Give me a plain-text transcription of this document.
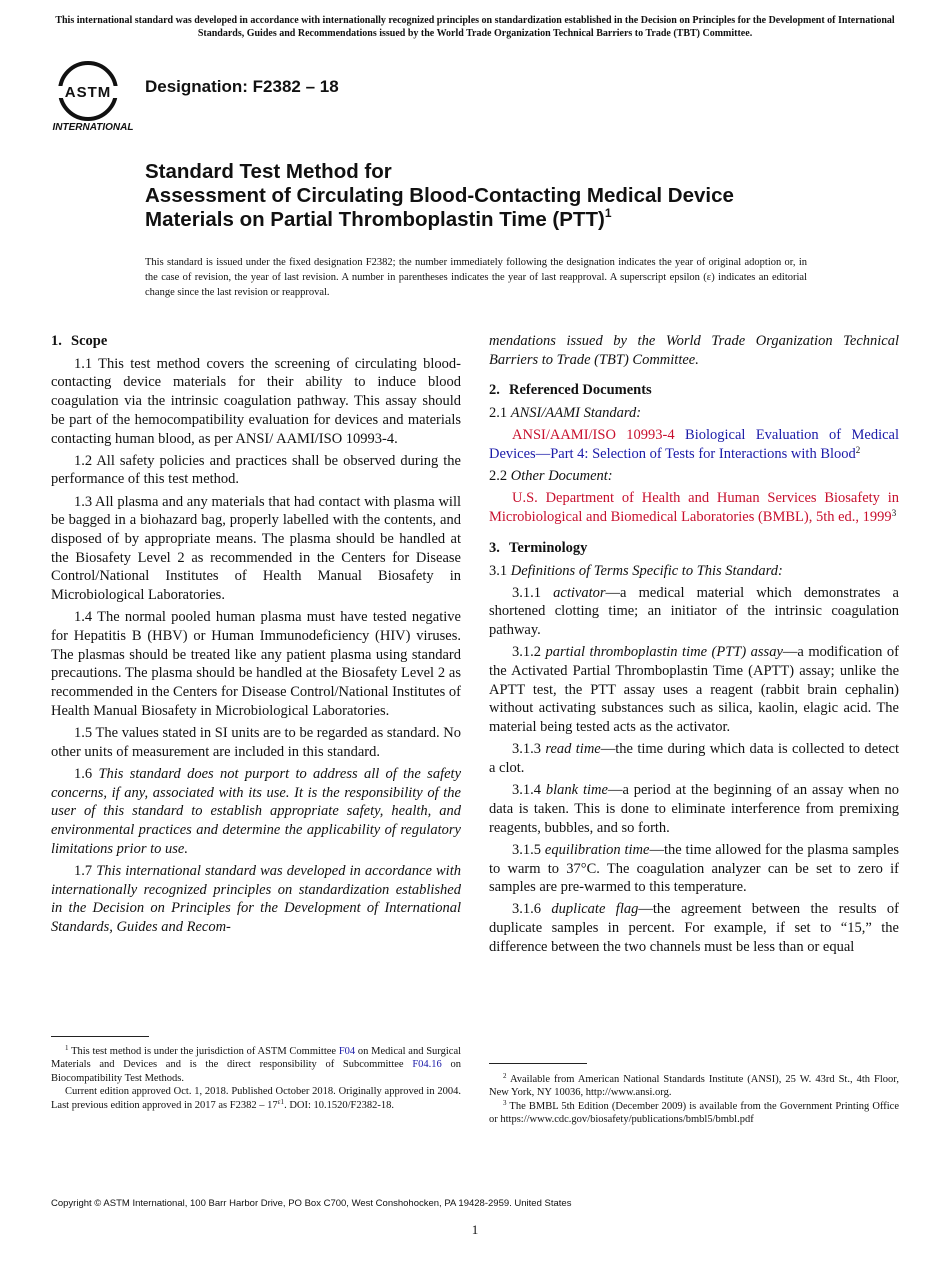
This international standard was developed in accordance with internationally recognized principles on standardization established in the Decision on Principles for the Development of International Standards, Guides and Recommendations issued by the World Trade Organization Technical Barriers to Trade (TBT) Committee.
ASTM
INTERNATIONAL
Designation: F2382 – 18
Standard Test Method for
Assessment of Circulating Blood-Contacting Medical Device
Materials on Partial Thromboplastin Time (PTT)$^1$
This standard is issued under the fixed designation F2382; the number immediately following the designation indicates the year of original adoption or, in the case of revision, the year of last revision. A number in parentheses indicates the year of last reapproval. A superscript epsilon (ε) indicates an editorial change since the last revision or reapproval.
1. Scope

1.1 This test method covers the screening of circulating blood-contacting device materials for their ability to induce blood coagulation via the intrinsic coagulation pathway. This assay should be part of the hemocompatibility evaluation for devices and materials contacting human blood, as per ANSI/ AAMI/ISO 10993-4.

1.2 All safety policies and practices shall be observed during the performance of this test method.

1.3 All plasma and any materials that had contact with plasma will be bagged in a biohazard bag, properly labelled with the contents, and disposed of by appropriate means. The plasma should be handled at the Biosafety Level 2 as recommended in the Centers for Disease Control/National Institutes of Health Manual Biosafety in Microbiological Laboratories.

1.4 The normal pooled human plasma must have tested negative for Hepatitis B (HBV) or Human Immunodeficiency (HIV) viruses. The plasmas should be treated like any patient plasma using standard precautions. The plasma should be handled at the Biosafety Level 2 as recommended in the Centers for Disease Control/National Institutes of Health Manual Biosafety in Microbiological Laboratories.

1.5 The values stated in SI units are to be regarded as standard. No other units of measurement are included in this standard.

1.6 This standard does not purport to address all of the safety concerns, if any, associated with its use. It is the responsibility of the user of this standard to establish appropriate safety, health, and environmental practices and determine the applicability of regulatory limitations prior to use.

1.7 This international standard was developed in accordance with internationally recognized principles on standardization established in the Decision on Principles for the Development of International Standards, Guides and Recom-

$^1$ This test method is under the jurisdiction of ASTM Committee F04 on Medical and Surgical Materials and Devices and is the direct responsibility of Subcommittee F04.16 on Biocompatibility Test Methods.

Current edition approved Oct. 1, 2018. Published October 2018. Originally approved in 2004. Last previous edition approved in 2017 as $F2382 - 17^{\varepsilon 1}$. DOI: 10.1520/F2382-18.

mendations issued by the World Trade Organization Technical Barriers to Trade (TBT) Committee.

2. Referenced Documents

2.1 ANSI/AAMI Standard:

ANSI/AAMI/ISO 10993-4 Biological Evaluation of Medical Devices—Part 4: Selection of Tests for Interactions with Blood$^2$

2.2 Other Document:

U.S. Department of Health and Human Services Biosafety in Microbiological and Biomedical Laboratories (BMBL), 5th ed., 1999$^3$

3. Terminology

3.1 Definitions of Terms Specific to This Standard:

3.1.1 activator—a medical material which demonstrates a shortened clotting time; an initiator of the intrinsic coagulation pathway.

3.1.2 partial thromboplastin time (PTT) assay—a modification of the Activated Partial Thromboplastin Time (APTT) assay; unlike the APTT test, the PTT assay uses a reagent (rabbit brain cephalin) without activating substances such as silica, kaolin, elagic acid. The material being tested acts as the activator.

3.1.3 read time—the time during which data is collected to detect a clot.

3.1.4 blank time—a period at the beginning of an assay when no data is taken. This is done to eliminate interference from premixing reagents, bubbles, and so forth.

3.1.5 equilibration time—the time allowed for the plasma samples to warm to 37°C. The coagulation analyzer can be set to zero if samples are pre-warmed to this temperature.

3.1.6 duplicate flag—the agreement between the results of duplicate samples in percent. For example, if set to “15,” the difference between the two channels must be less than or equal

$^2$ Available from American National Standards Institute (ANSI), 25 W. 43rd St., 4th Floor, New York, NY 10036, http://www.ansi.org.

$^3$ The BMBL 5th Edition (December 2009) is available from the Government Printing Office or https://www.cdc.gov/biosafety/publications/bmbl5/bmbl.pdf

Copyright © ASTM International, 100 Barr Harbor Drive, PO Box C700, West Conshohocken, PA 19428-2959. United States
1
